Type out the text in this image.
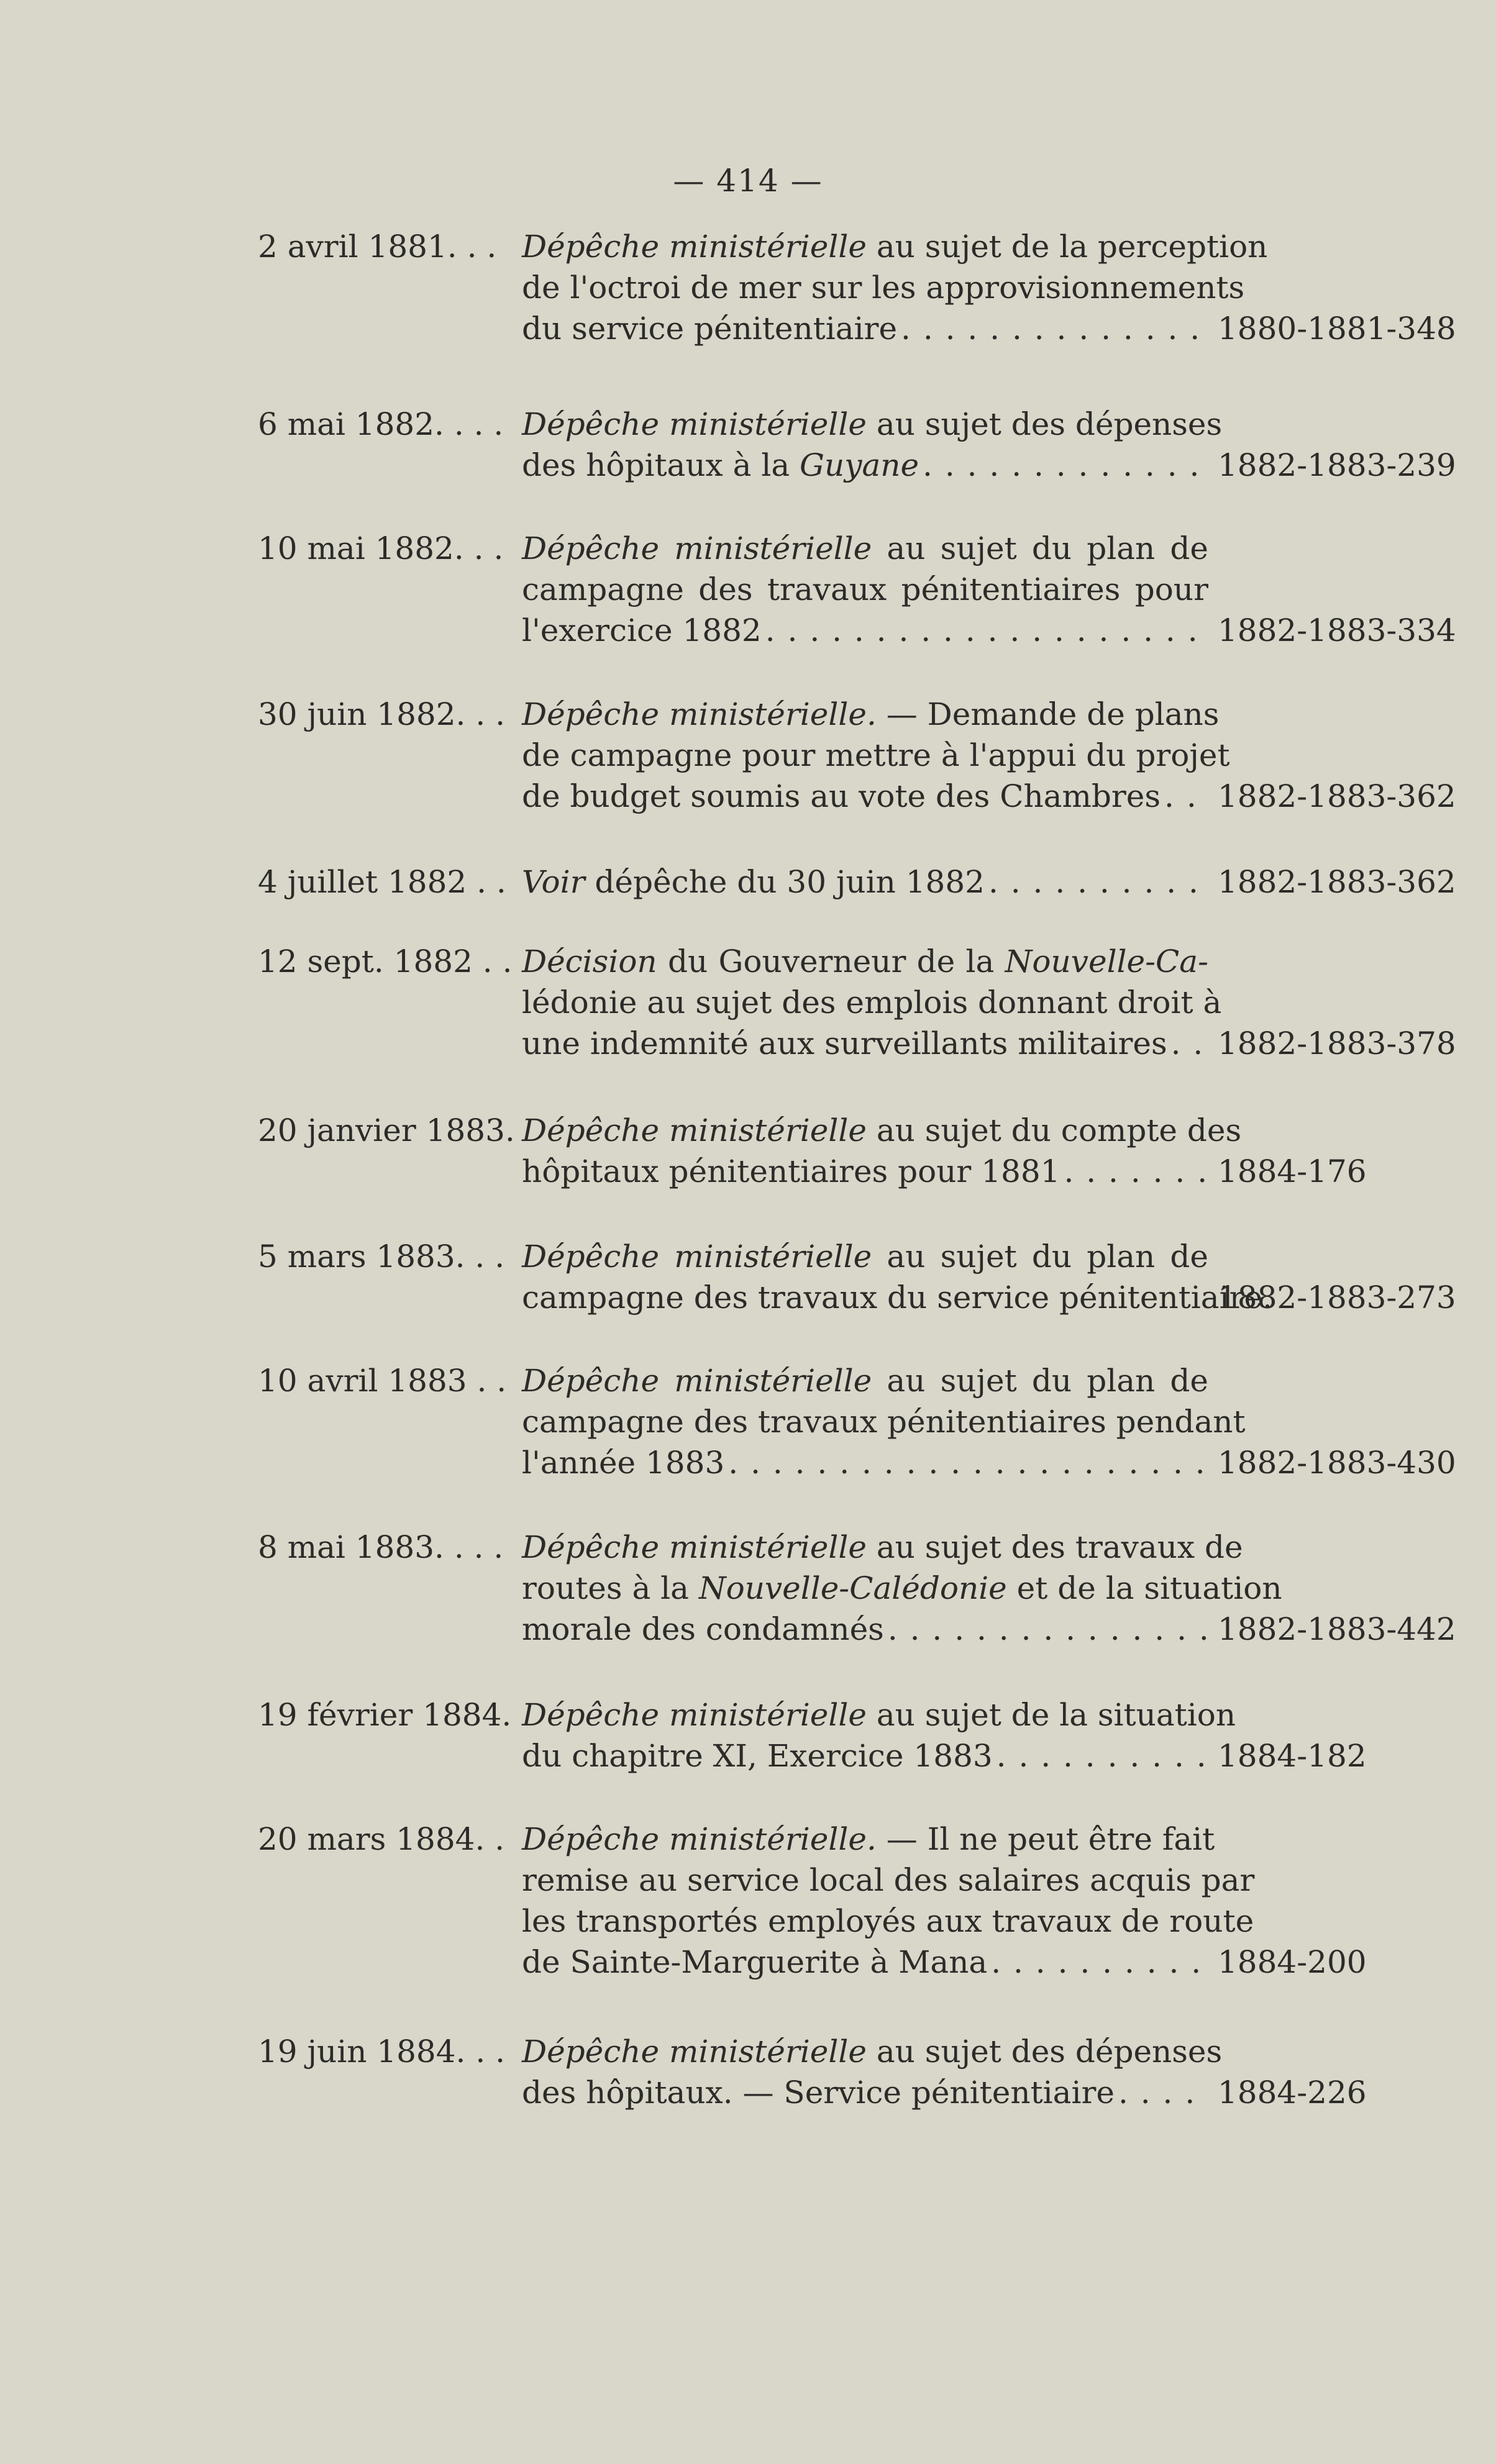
— 414 —
2 avril 1881. . . Dépêche ministérielle au sujet de la perception
de l'octroi de mer sur les approvisionnements
du service pénitentiaire . . .	1880-1881-348
6 mai 1882. . . . Dépêche ministérielle au sujet des dépenses
des hôpitaux à la Guyane . . .	1882-1883-239
10 mai 1882. . . Dépêche ministérielle au sujet du plan de
campagne des travaux pénitentiaires pour
l'exercice 1882 . . .	1882-1883-334
30 juin 1882. . . Dépêche ministérielle. — Demande de plans
de campagne pour mettre à l'appui du projet
de budget soumis au vote des Chambres . . . 1882-1883-362
4 juillet 1882 . . Voir dépêche du 30 juin 1882 . . .	1882-1883-362
12 sept. 1882 . . Décision du Gouverneur de la Nouvelle-Ca-
lédonie au sujet des emplois donnant droit à
une indemnité aux surveillants militaires . . . 1882-1883-378
20 janvier 1883. Dépêche ministérielle au sujet du compte des
hôpitaux pénitentiaires pour 1881 . . .	1884-176
5 mars 1883. . . Dépêche ministérielle au sujet du plan de
campagne des travaux du service pénitentiaire.
1882-1883-273
10 avril 1883 . . Dépêche ministérielle au sujet du plan de
campagne des travaux pénitentiaires pendant
l'année 1883 . . .	1882-1883-430
8 mai 1883. . . . Dépêche ministérielle au sujet des travaux de
routes à la Nouvelle-Calédonie et de la situation
morale des condamnés . . .	1882-1883-442
19 février 1884. Dépêche ministérielle au sujet de la situation
du chapitre XI, Exercice 1883 . . .	1884-182
20 mars 1884. . Dépêche ministérielle. — Il ne peut être fait
remise au service local des salaires acquis par
les transportés employés aux travaux de route
de Sainte-Marguerite à Mana . . .	1884-200
19 juin 1884. . . Dépêche ministérielle au sujet des dépenses
des hôpitaux. — Service pénitentiaire . . .	1884-226
